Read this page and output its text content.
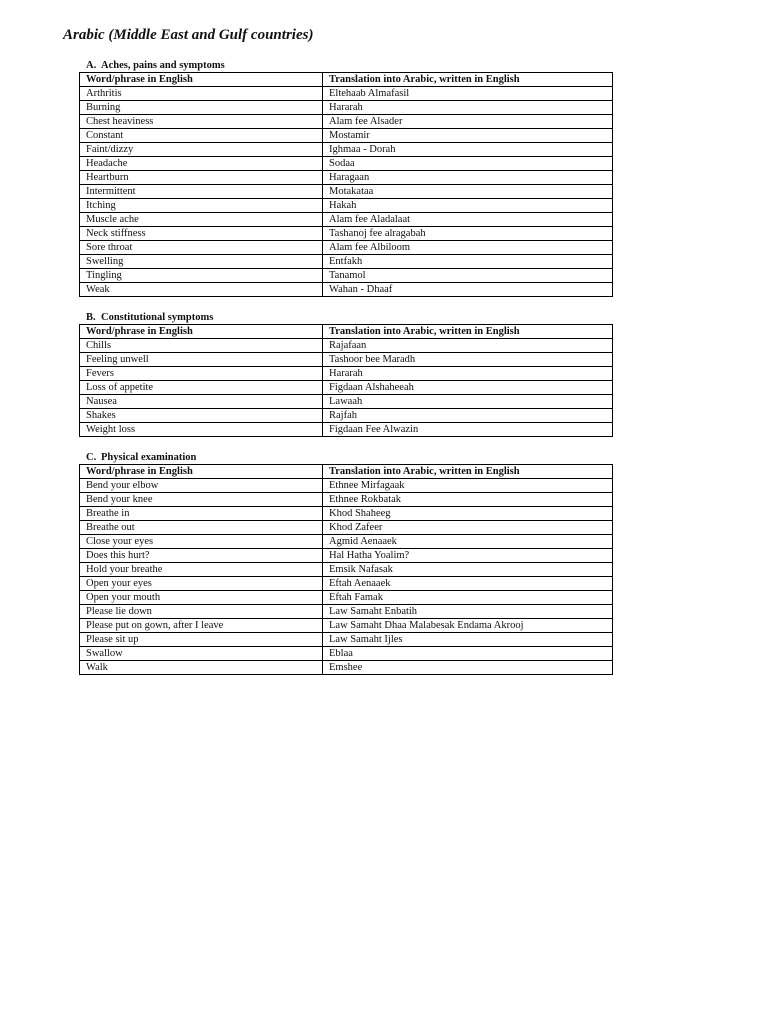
Arabic (Middle East and Gulf countries)
A. Aches, pains and symptoms
Word/phrase in English	Translation into Arabic, written in English
Arthritis	Eltehaab Almafasil
Burning	Hararah
Chest heaviness	Alam fee Alsader
Constant	Mostamir
Faint/dizzy	Ighmaa - Dorah
Headache	Sodaa
Heartburn	Haragaan
Intermittent	Motakataa
Itching	Hakah
Muscle ache	Alam fee Aladalaat
Neck stiffness	Tashanoj fee alragabah
Sore throat	Alam fee Albiloom
Swelling	Entfakh
Tingling	Tanamol
Weak	Wahan - Dhaaf
B. Constitutional symptoms
Word/phrase in English	Translation into Arabic, written in English
Chills	Rajafaan
Feeling unwell	Tashoor bee Maradh
Fevers	Hararah
Loss of appetite	Figdaan Alshaheeah
Nausea	Lawaah
Shakes	Rajfah
Weight loss	Figdaan Fee Alwazin
C. Physical examination
Word/phrase in English	Translation into Arabic, written in English
Bend your elbow	Ethnee Mirfagaak
Bend your knee	Ethnee Rokbatak
Breathe in	Khod Shaheeg
Breathe out	Khod Zafeer
Close your eyes	Agmid Aenaaek
Does this hurt?	Hal Hatha Yoalim?
Hold your breathe	Emsik Nafasak
Open your eyes	Eftah Aenaaek
Open your mouth	Eftah Famak
Please lie down	Law Samaht Enbatih
Please put on gown, after I leave	Law Samaht Dhaa Malabesak Endama Akrooj
Please sit up	Law Samaht Ijles
Swallow	Eblaa
Walk	Emshee
